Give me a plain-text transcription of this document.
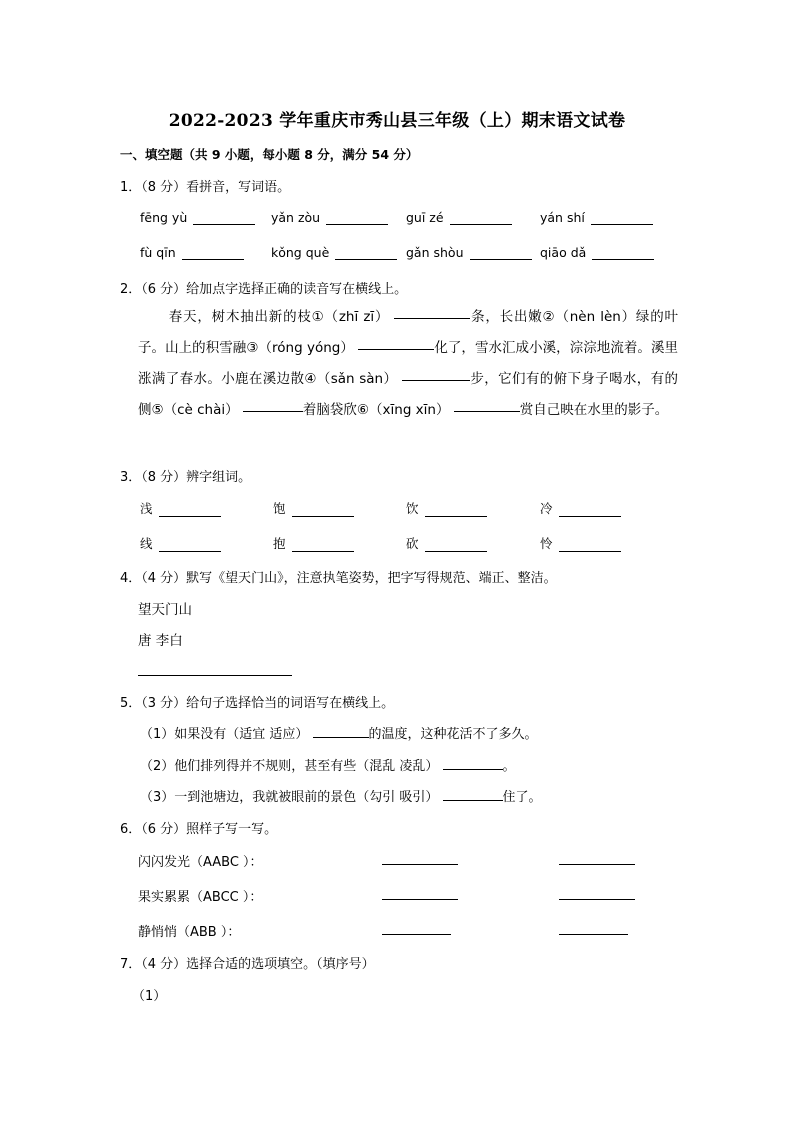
2022-2023 学年重庆市秀山县三年级（上）期末语文试卷
一、填空题（共 9 小题，每小题 8 分，满分 54 分）
1．（8 分）看拼音，写词语。
fēng yù	yǎn zòu	guī zé	yán shí
fù qīn	kǒng què	gǎn shòu	qiāo dǎ
2．（6 分）给加点字选择正确的读音写在横线上。
春天，树木抽出新的枝①（zhī zī）	条，长出嫩②（nèn lèn）绿的叶子。山上的积雪融③（róng yóng）	化了，雪水汇成小溪，淙淙地流着。溪里涨满了春水。小鹿在溪边散④（sǎn sàn）	步，它们有的俯下身子喝水，有的侧⑤（cè chài）	着脑袋欣⑥（xīng xīn）	赏自己映在水里的影子。
3．（8 分）辨字组词。
浅	饱	饮	冷
线	抱	砍	怜
4．（4 分）默写《望天门山》，注意执笔姿势，把字写得规范、端正、整洁。
望天门山
唐 李白
5．（3 分）给句子选择恰当的词语写在横线上。
（1）如果没有（适宜 适应）	的温度，这种花活不了多久。
（2）他们排列得并不规则，甚至有些（混乱 凌乱）	。
（3）一到池塘边，我就被眼前的景色（勾引 吸引）	住了。
6．（6 分）照样子写一写。
闪闪发光（AABC ）：
果实累累（ABCC ）：
静悄悄（ABB ）：
7．（4 分）选择合适的选项填空。（填序号）
（1）
